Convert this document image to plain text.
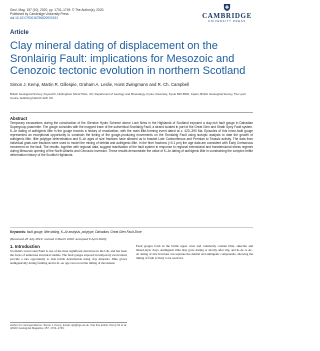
Geol. Mag. 157 (10), 2020, pp. 1731–1749. © The Author(s), 2020.
Published by Cambridge University Press
doi:10.1017/S0016756820000151	CAMBRIDGE
UNIVERSITY PRESS
Article
Clay mineral dating of displacement on the Sronlairig Fault: implications for Mesozoic and Cenozoic tectonic evolution in northern Scotland
Simon J. Kemp, Martin R. Gillespie, Graham A. Leslie, Horst Zwingmann and R. Ch. Campbell
British Geological Survey, Keyworth, Nottingham NG12 5GG, UK; Department of Geology and Mineralogy, Kyoto University, Kyoto 606-8502, Japan; British Geological Survey, The Lyell Centre, Edinburgh EH14 4AP, UK
Abstract
Temporary excavations during the construction of the Glendoe Hydro Scheme above Loch Ness in the Highlands of Scotland exposed a clay-rich fault gouge in Dalradian Supergroup psammite. The gouge coincides with the mapped trace of the subvertical Sronlairig Fault, a strand located in part of the Great Glen and Strath Spey Fault system. K–Ar dating of authigenic illite in the gouge records a history of reactivation, with the main illite-forming event dated at c. 420–390 Ma. Episodes of this micro-fault gouge represented an exceptional opportunity to constrain the timing of the gouge-producing movements on the Sronlairig Fault using isotopic analysis to date the growth of authigenic illite. Illite polytype determination and K–Ar ages of size fractions have allowed us to bracket Late Carboniferous and Permian to Triassic activity. The data from individual grain-size fractions were used to model the mixing of detrital and authigenic illite. In the finer fractions (<0.1 µm) the age data are consistent with Early Cretaceous movement on the fault. The results, together with regional data, suggest reactivation of the fault system in response to regional extensional and transtensional stress regimes during Mesozoic opening of the North Atlantic and Cenozoic inversion. These results demonstrate the value of K–Ar dating of authigenic illite in constraining the complex brittle deformation history of the Scottish Highlands.
Keywords: fault gouge, illite dating, K–Ar analysis, polytype, Dalradian, Great Glen Fault Zone
(Received 28 July 2019; revised 3 March 2020; accepted 6 April 2020)
1. Introduction
Scotland's Great Glen Fault is one of the most significant structures in the UK, and has been the focus of numerous structural studies. The fault gouges exposed in temporary excavations provide a rare opportunity to date brittle deformation using clay minerals. Illite grows authigenically during faulting and its K–Ar age can record the timing of movement.
Fault gouges form in the brittle upper crust and commonly contain illite, smectite and mixed-layer clays. Authigenic illite may grow during or shortly after slip, and K–Ar or Ar–Ar dating of size fractions can separate the detrital and authigenic components, allowing the timing of fault activity to be resolved.
Author for correspondence: Simon J. Kemp, Email: sjk@bgs.ac.uk. Cite this article: Kemp SJ et al. (2020) Geological Magazine 157, 1731–1749.
